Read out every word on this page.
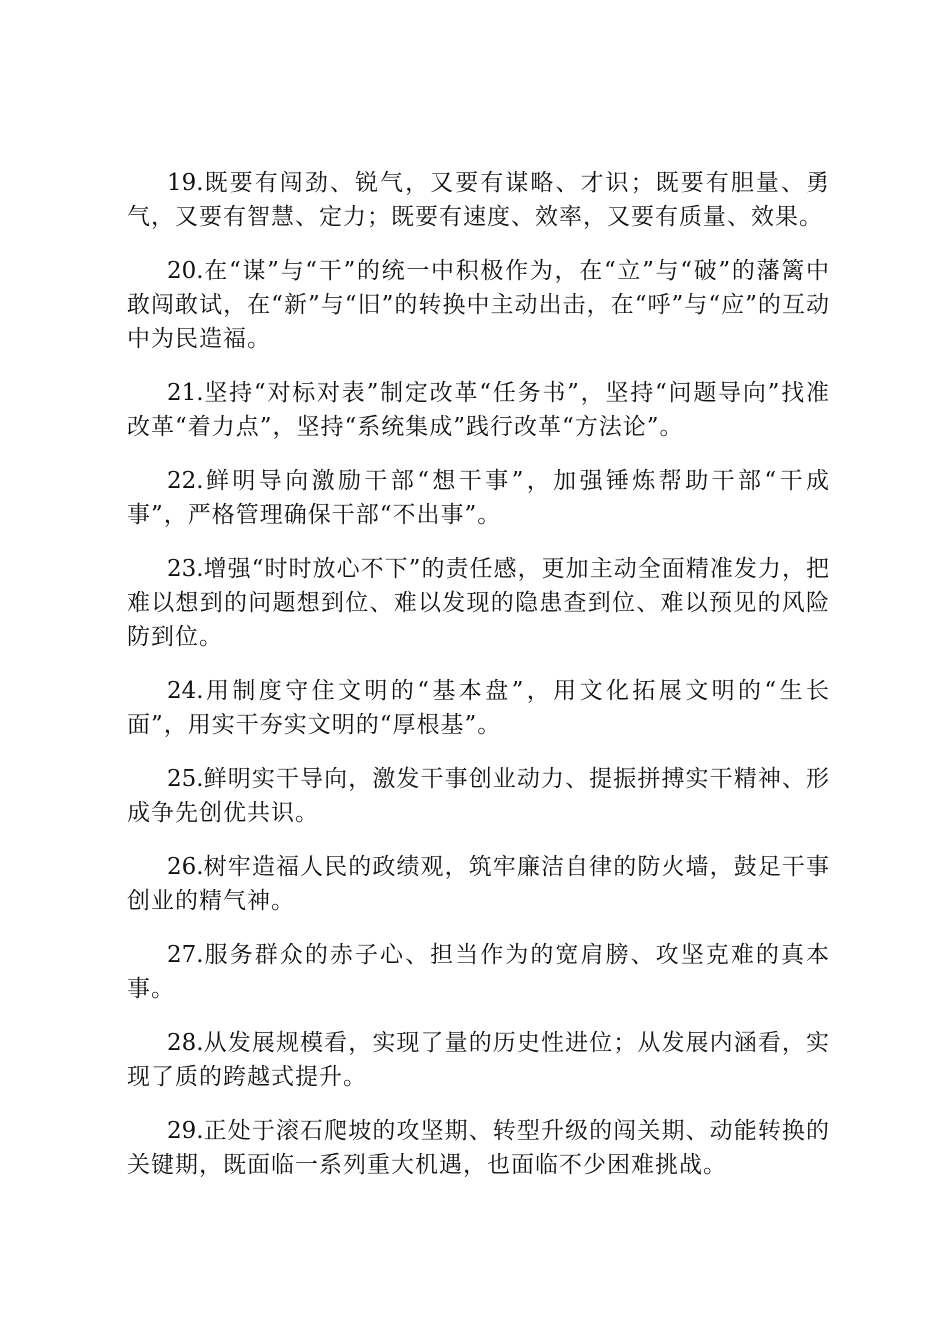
19.既要有闯劲、锐气，又要有谋略、才识；既要有胆量、勇气，又要有智慧、定力；既要有速度、效率，又要有质量、效果。

20.在“谋”与“干”的统一中积极作为，在“立”与“破”的藩篱中敢闯敢试，在“新”与“旧”的转换中主动出击，在“呼”与“应”的互动中为民造福。

21.坚持“对标对表”制定改革“任务书”，坚持“问题导向”找准改革“着力点”，坚持“系统集成”践行改革“方法论”。

22.鲜明导向激励干部“想干事”，加强锤炼帮助干部“干成事”，严格管理确保干部“不出事”。

23.增强“时时放心不下”的责任感，更加主动全面精准发力，把难以想到的问题想到位、难以发现的隐患查到位、难以预见的风险防到位。

24.用制度守住文明的“基本盘”，用文化拓展文明的“生长面”，用实干夯实文明的“厚根基”。

25.鲜明实干导向，激发干事创业动力、提振拼搏实干精神、形成争先创优共识。

26.树牢造福人民的政绩观，筑牢廉洁自律的防火墙，鼓足干事创业的精气神。

27.服务群众的赤子心、担当作为的宽肩膀、攻坚克难的真本事。

28.从发展规模看，实现了量的历史性进位；从发展内涵看，实现了质的跨越式提升。

29.正处于滚石爬坡的攻坚期、转型升级的闯关期、动能转换的关键期，既面临一系列重大机遇，也面临不少困难挑战。
